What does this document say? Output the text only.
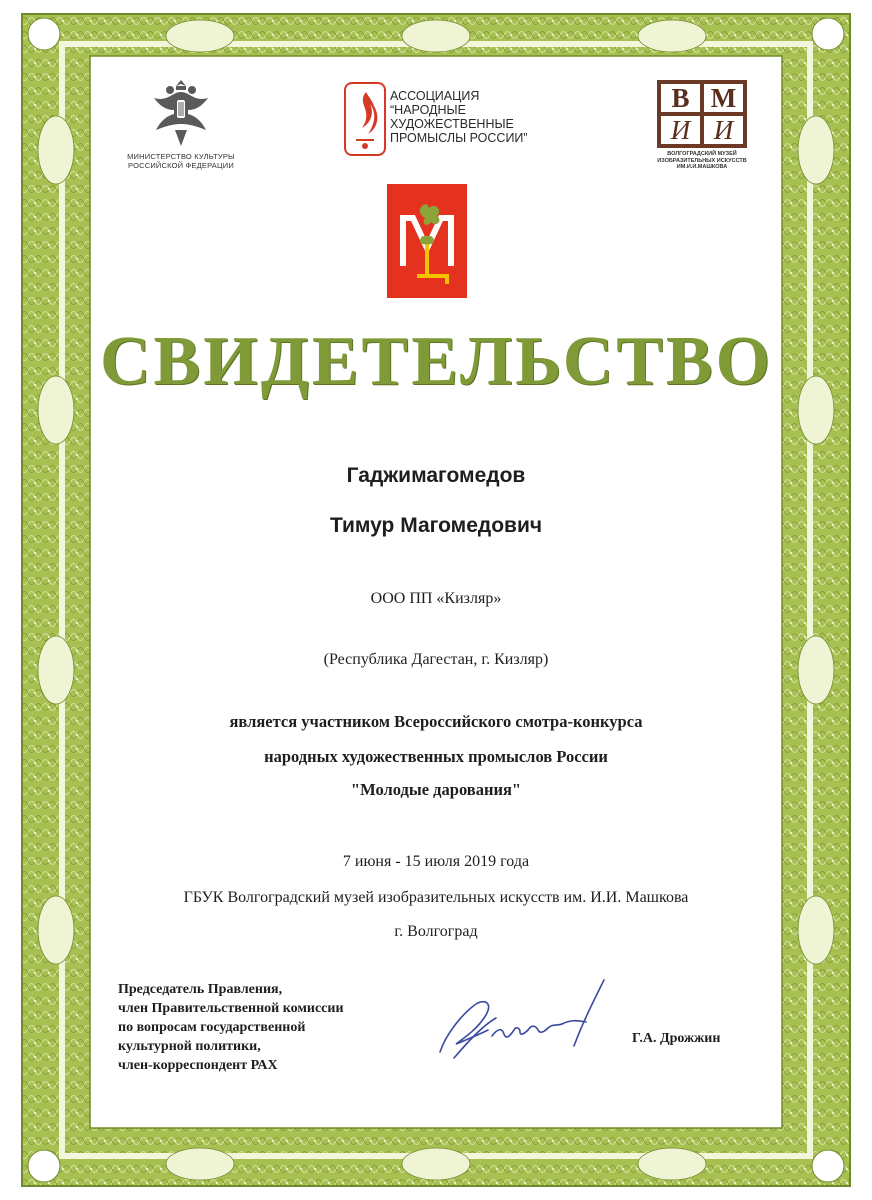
МИНИСТЕРСТВО КУЛЬТУРЫ
РОССИЙСКОЙ ФЕДЕРАЦИИ
АССОЦИАЦИЯ
“НАРОДНЫЕ
ХУДОЖЕСТВЕННЫЕ
ПРОМЫСЛЫ РОССИИ”
В М
И И
ВОЛГОГРАДСКИЙ МУЗЕЙ
ИЗОБРАЗИТЕЛЬНЫХ ИСКУССТВ
ИМ.И.И.МАШКОВА
СВИДЕТЕЛЬСТВО
Гаджимагомедов
Тимур Магомедович
ООО ПП «Кизляр»
(Республика Дагестан, г. Кизляр)
является участником Всероссийского смотра-конкурса
народных художественных промыслов России
"Молодые дарования"
7 июня - 15 июля 2019 года
ГБУК Волгоградский музей изобразительных искусств им. И.И. Машкова
г. Волгоград
Председатель Правления,
член Правительственной комиссии
по вопросам государственной
культурной политики,
член-корреспондент РАХ
Г.А. Дрожжин
